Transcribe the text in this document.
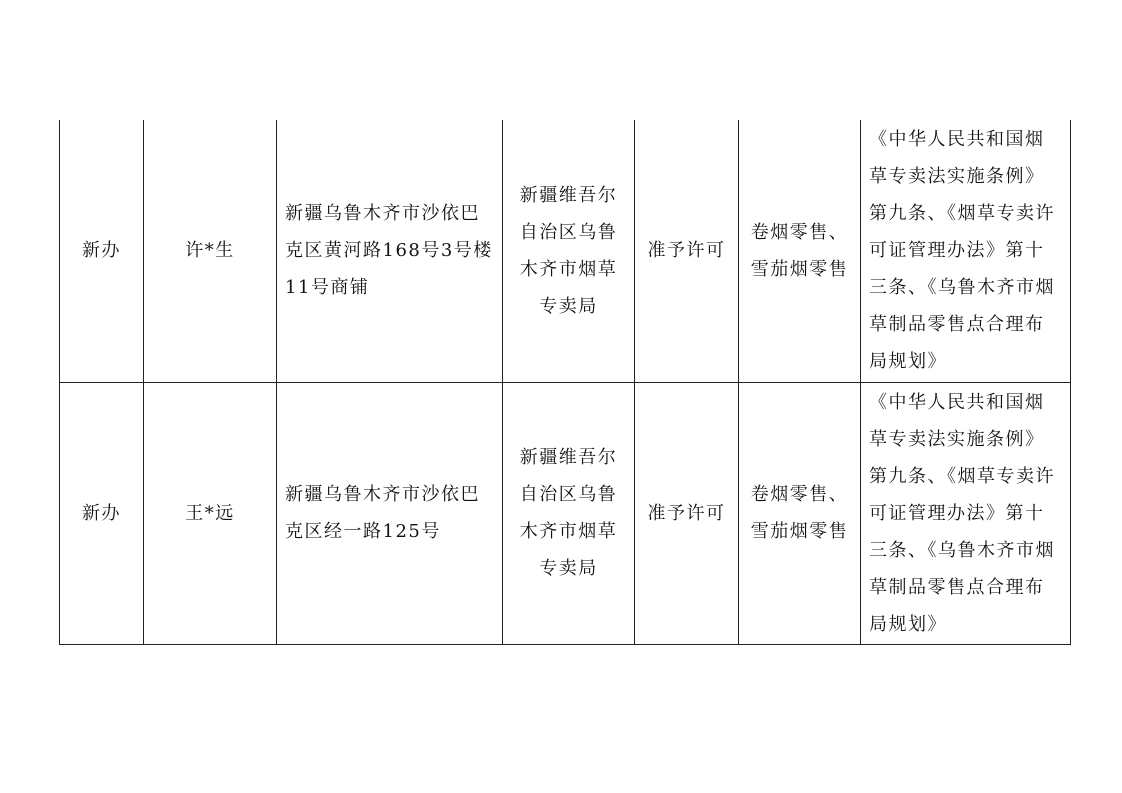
新办	许*生	新疆乌鲁木齐市沙依巴克区黄河路168号3号楼11号商铺	新疆维吾尔自治区乌鲁木齐市烟草专卖局	准予许可	卷烟零售、雪茄烟零售	《中华人民共和国烟草专卖法实施条例》第九条、《烟草专卖许可证管理办法》第十三条、《乌鲁木齐市烟草制品零售点合理布局规划》

新办	王*远	新疆乌鲁木齐市沙依巴克区经一路125号	新疆维吾尔自治区乌鲁木齐市烟草专卖局	准予许可	卷烟零售、雪茄烟零售	《中华人民共和国烟草专卖法实施条例》第九条、《烟草专卖许可证管理办法》第十三条、《乌鲁木齐市烟草制品零售点合理布局规划》
